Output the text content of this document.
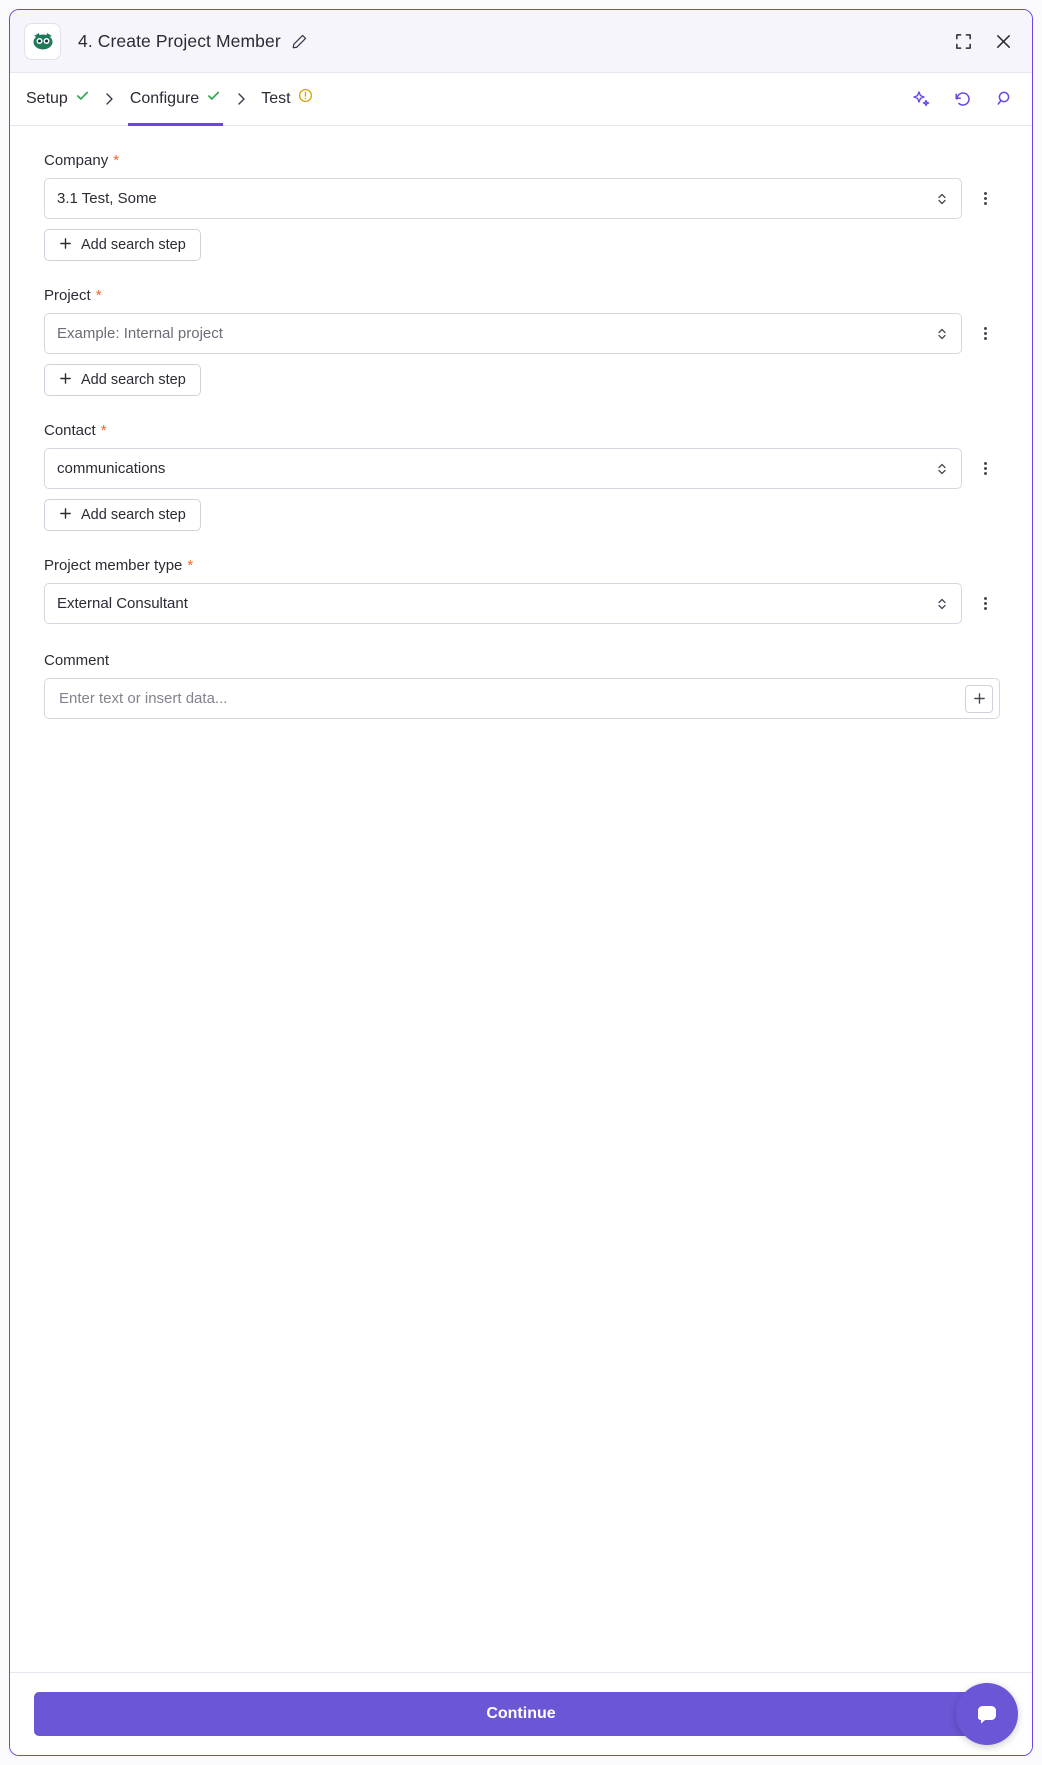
4. Create Project Member
Setup	Configure	Test
Company *
3.1 Test, Some
Add search step
Project *
Example: Internal project
Add search step
Contact *
communications
Add search step
Project member type *
External Consultant
Comment
Enter text or insert data...
Continue
